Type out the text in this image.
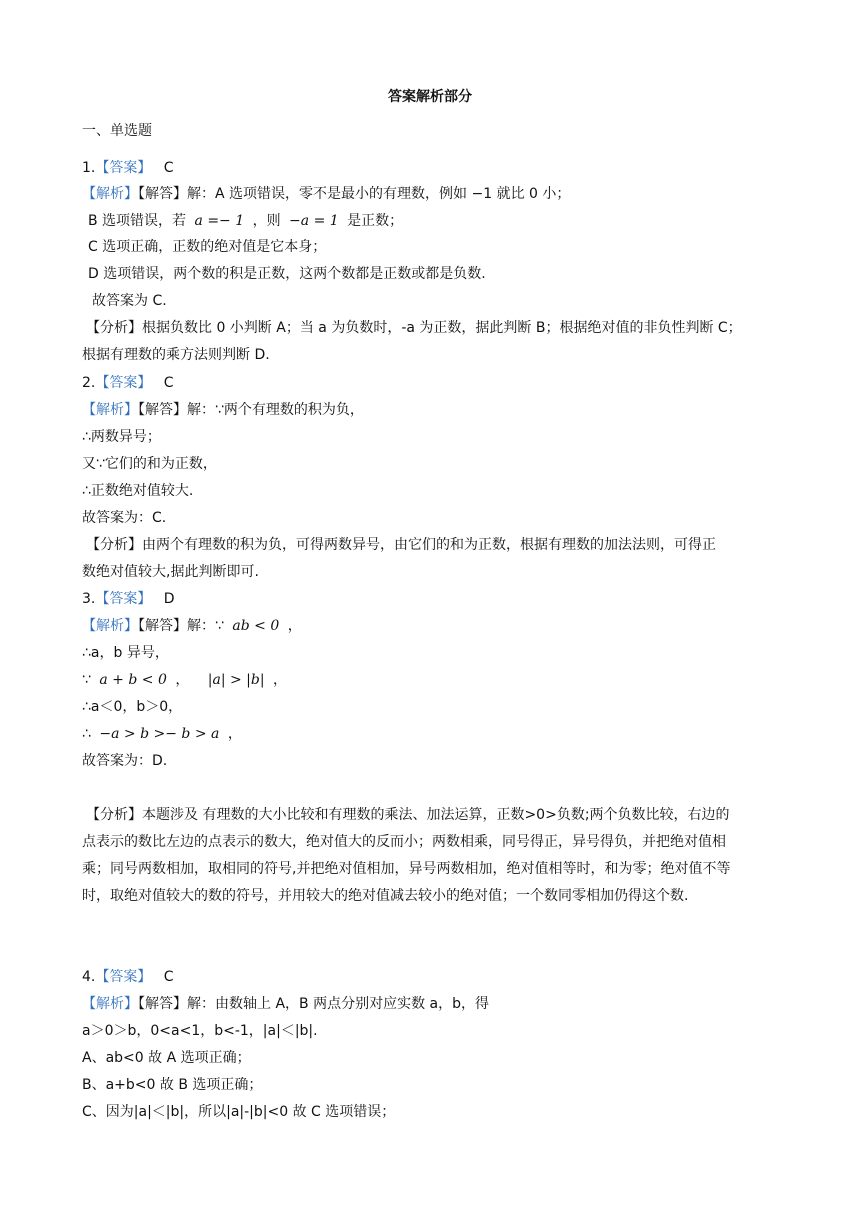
答案解析部分
一、单选题
1.【答案】 C
【解析】【解答】解：A 选项错误，零不是最小的有理数，例如 −1 就比 0 小；
B 选项错误，若 a =− 1 ，则 −a = 1 是正数；
C 选项正确，正数的绝对值是它本身；
D 选项错误，两个数的积是正数，这两个数都是正数或都是负数.
故答案为 C.
【分析】根据负数比 0 小判断 A；当 a 为负数时，-a 为正数，据此判断 B；根据绝对值的非负性判断 C；
根据有理数的乘方法则判断 D.
2.【答案】 C
【解析】【解答】解：∵两个有理数的积为负，
∴两数异号；
又∵它们的和为正数，
∴正数绝对值较大.
故答案为：C.
【分析】由两个有理数的积为负，可得两数异号，由它们的和为正数，根据有理数的加法法则，可得正
数绝对值较大,据此判断即可.
3.【答案】 D
【解析】【解答】解：∵ ab < 0 ，
∴a，b 异号，
∵ a + b < 0 ， |a| > |b| ，
∴a＜0，b＞0，
∴ −a > b >− b > a ，
故答案为：D.
【分析】本题涉及 有理数的大小比较和有理数的乘法、加法运算，正数>0>负数;两个负数比较，右边的
点表示的数比左边的点表示的数大，绝对值大的反而小；两数相乘，同号得正，异号得负，并把绝对值相
乘；同号两数相加，取相同的符号,并把绝对值相加，异号两数相加，绝对值相等时，和为零；绝对值不等
时，取绝对值较大的数的符号，并用较大的绝对值减去较小的绝对值；一个数同零相加仍得这个数.
4.【答案】 C
【解析】【解答】解：由数轴上 A，B 两点分别对应实数 a，b，得
a＞0＞b，0<a<1，b<-1，|a|＜|b|.
A、ab<0 故 A 选项正确；
B、a+b<0 故 B 选项正确；
C、因为|a|＜|b|，所以|a|-|b|<0 故 C 选项错误；
